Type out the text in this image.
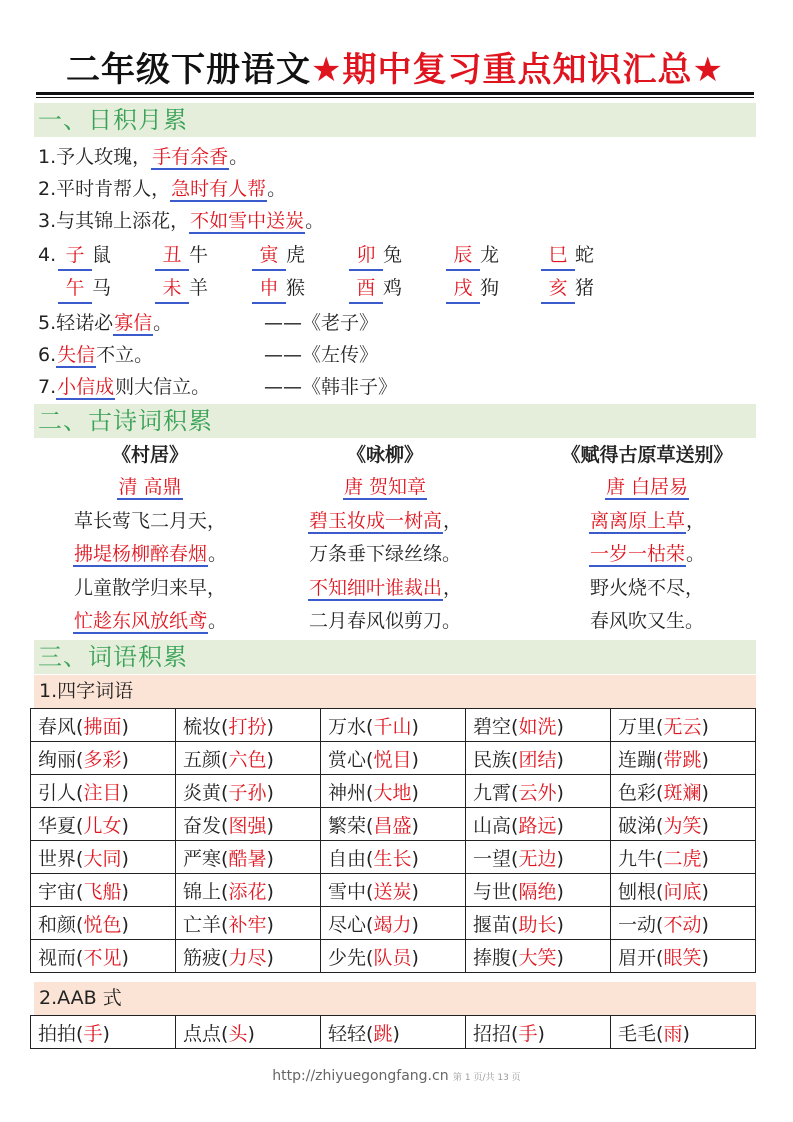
二年级下册语文★期中复习重点知识汇总★
一、日积月累
1.予人玫瑰，手有余香。
2.平时肯帮人，急时有人帮。
3.与其锦上添花，不如雪中送炭。
4. 子 鼠	丑 牛	寅 虎	卯 兔	辰 龙	巳 蛇
午 马	未 羊	申 猴	酉 鸡	戌 狗	亥 猪
5.轻诺必寡信。	——《老子》
6.失信不立。	——《左传》
7.小信成则大信立。	——《韩非子》
二、古诗词积累
《村居》
清 高鼎
草长莺飞二月天，
拂堤杨柳醉春烟。
儿童散学归来早，
忙趁东风放纸鸢。
《咏柳》
唐 贺知章
碧玉妆成一树高，
万条垂下绿丝绦。
不知细叶谁裁出，
二月春风似剪刀。
《赋得古原草送别》
唐 白居易
离离原上草，
一岁一枯荣。
野火烧不尽，
春风吹又生。
三、词语积累
1.四字词语
春风(拂面)	梳妆(打扮)	万水(千山)	碧空(如洗)	万里(无云)
绚丽(多彩)	五颜(六色)	赏心(悦目)	民族(团结)	连蹦(带跳)
引人(注目)	炎黄(子孙)	神州(大地)	九霄(云外)	色彩(斑斓)
华夏(儿女)	奋发(图强)	繁荣(昌盛)	山高(路远)	破涕(为笑)
世界(大同)	严寒(酷暑)	自由(生长)	一望(无边)	九牛(二虎)
宇宙(飞船)	锦上(添花)	雪中(送炭)	与世(隔绝)	刨根(问底)
和颜(悦色)	亡羊(补牢)	尽心(竭力)	揠苗(助长)	一动(不动)
视而(不见)	筋疲(力尽)	少先(队员)	捧腹(大笑)	眉开(眼笑)
2.AAB 式
拍拍(手)	点点(头)	轻轻(跳)	招招(手)	毛毛(雨)
http://zhiyuegongfang.cn 第 1 页/共 13 页
